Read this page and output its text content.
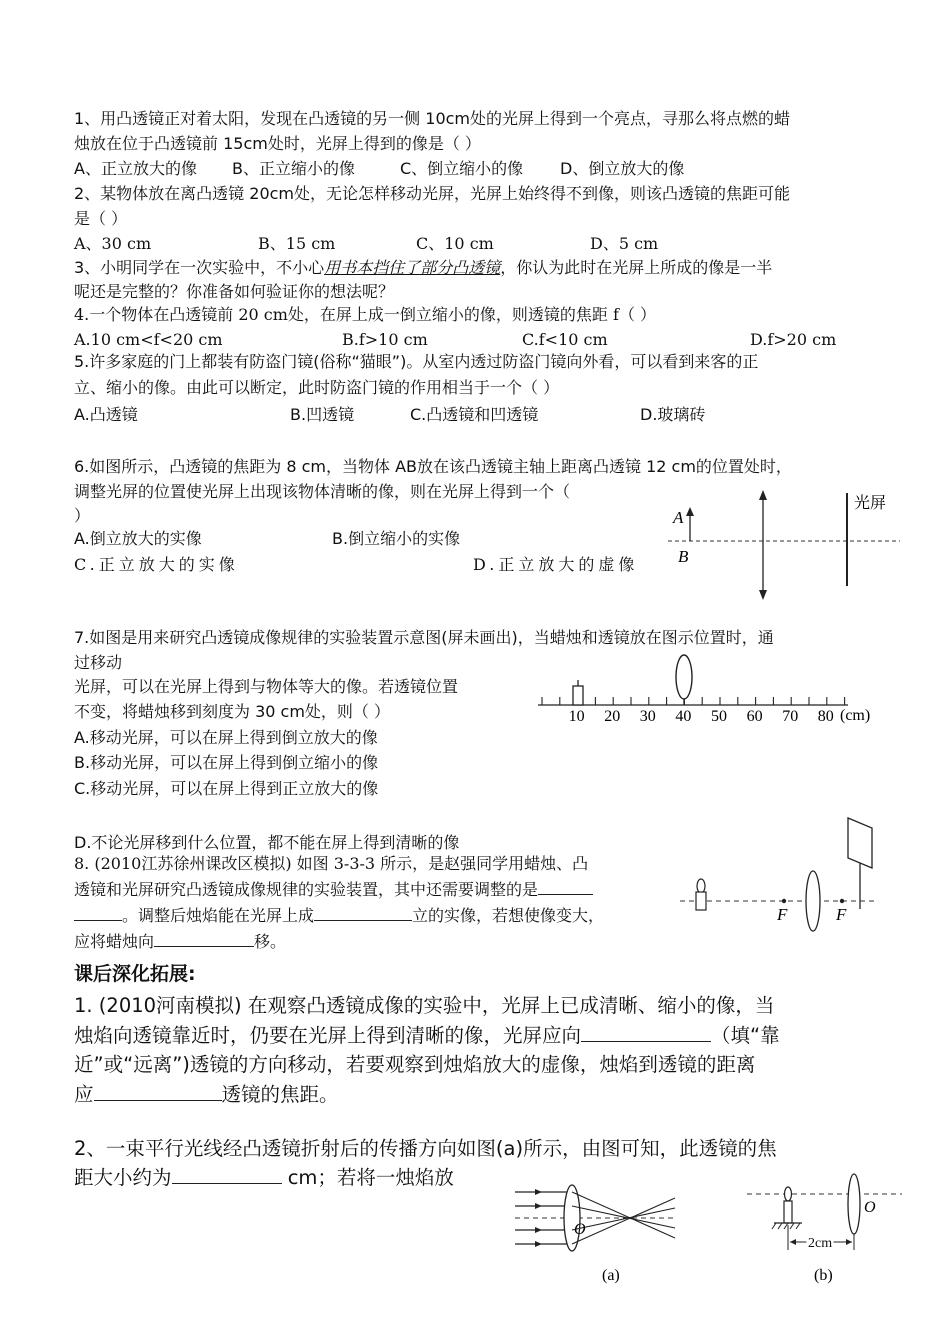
1、用凸透镜正对着太阳，发现在凸透镜的另一侧 10cm处的光屏上得到一个亮点，寻那么将点燃的蜡
烛放在位于凸透镜前 15cm处时，光屏上得到的像是（ ）
A、正立放大的像 B、正立缩小的像	C、倒立缩小的像 D、倒立放大的像
2、某物体放在离凸透镜 20cm处，无论怎样移动光屏，光屏上始终得不到像，则该凸透镜的焦距可能
是（ ）
A、30 cm	B、15 cm	C、10 cm	D、5 cm
3、小明同学在一次实验中，不小心用书本挡住了部分凸透镜，你认为此时在光屏上所成的像是一半
呢还是完整的？你准备如何验证你的想法呢？
4.一个物体在凸透镜前 20 cm处，在屏上成一倒立缩小的像，则透镜的焦距 f（ ）
A.10 cm<f<20 cm	B.f>10 cm	C.f<10 cm	D.f>20 cm
5.许多家庭的门上都装有防盗门镜(俗称“猫眼”)。从室内透过防盗门镜向外看，可以看到来客的正
立、缩小的像。由此可以断定，此时防盗门镜的作用相当于一个（ ）
A.凸透镜	B.凹透镜	C.凸透镜和凹透镜	D.玻璃砖
6.如图所示，凸透镜的焦距为 8 cm，当物体 AB放在该凸透镜主轴上距离凸透镜 12 cm的位置处时，
调整光屏的位置使光屏上出现该物体清晰的像，则在光屏上得到一个（
）
A.倒立放大的实像	B.倒立缩小的实像
C.正立放大的实像	D.正立放大的虚像
A
B
光屏
7.如图是用来研究凸透镜成像规律的实验装置示意图(屏未画出)，当蜡烛和透镜放在图示位置时，通
过移动
光屏，可以在光屏上得到与物体等大的像。若透镜位置
不变，将蜡烛移到刻度为 30 cm处，则（ ）
A.移动光屏，可以在屏上得到倒立放大的像
B.移动光屏，可以在屏上得到倒立缩小的像
C.移动光屏，可以在屏上得到正立放大的像
D.不论光屏移到什么位置，都不能在屏上得到清晰的像
10 20 30 40 50 60 70 80 (cm)
8. (2010江苏徐州课改区模拟) 如图 3-3-3 所示，是赵强同学用蜡烛、凸
透镜和光屏研究凸透镜成像规律的实验装置，其中还需要调整的是
。调整后烛焰能在光屏上成	立的实像，若想使像变大，
应将蜡烛向	移。
F	F
课后深化拓展:
1. (2010河南模拟) 在观察凸透镜成像的实验中，光屏上已成清晰、缩小的像，当
烛焰向透镜靠近时，仍要在光屏上得到清晰的像，光屏应向	（填“靠
近”或“远离”)透镜的方向移动，若要观察到烛焰放大的虚像，烛焰到透镜的距离
应	透镜的焦距。
2、一束平行光线经凸透镜折射后的传播方向如图(a)所示，由图可知，此透镜的焦
距大小约为	cm；若将一烛焰放
O
(a)
O
2cm
(b)
